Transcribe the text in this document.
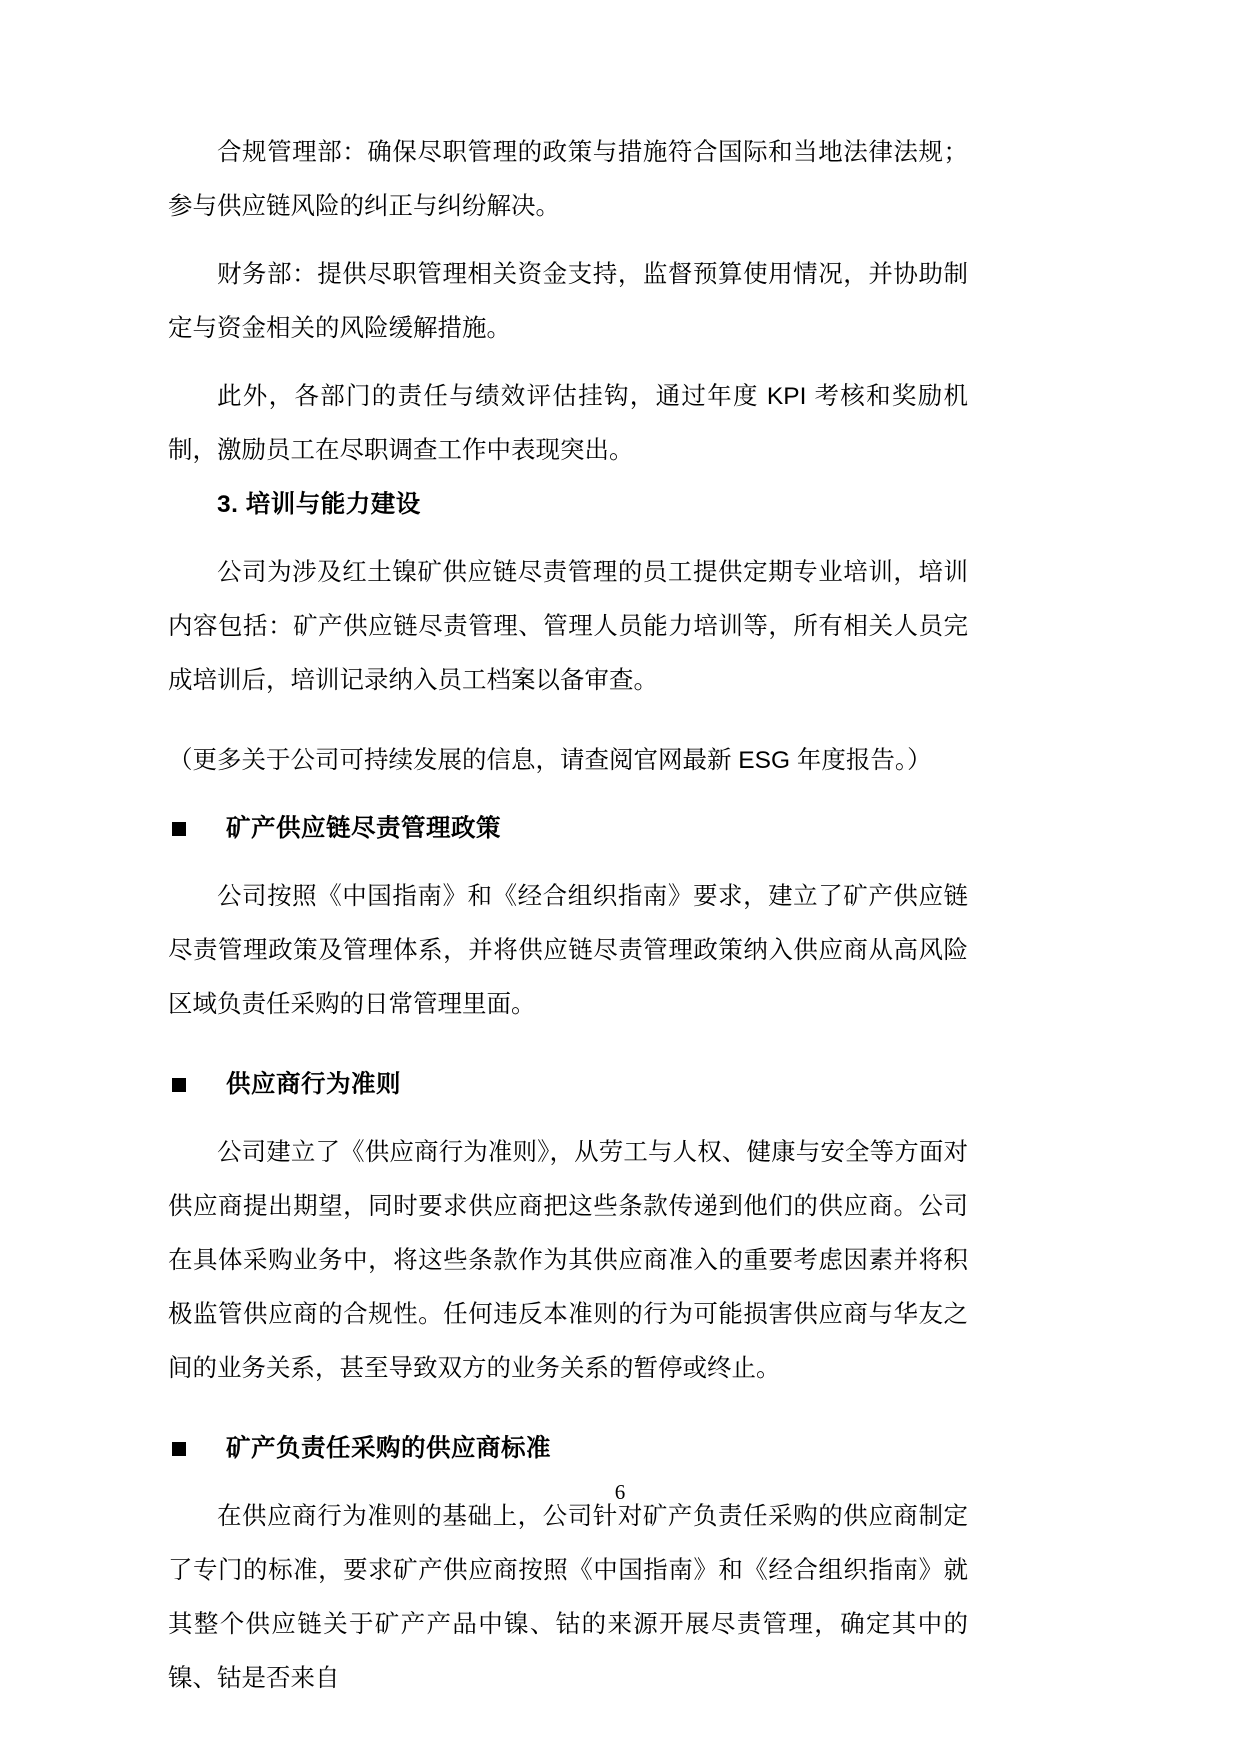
合规管理部：确保尽职管理的政策与措施符合国际和当地法律法规；参与供应链风险的纠正与纠纷解决。

财务部：提供尽职管理相关资金支持，监督预算使用情况，并协助制定与资金相关的风险缓解措施。

此外，各部门的责任与绩效评估挂钩，通过年度 KPI 考核和奖励机制，激励员工在尽职调查工作中表现突出。

3. 培训与能力建设

公司为涉及红土镍矿供应链尽责管理的员工提供定期专业培训，培训内容包括：矿产供应链尽责管理、管理人员能力培训等，所有相关人员完成培训后，培训记录纳入员工档案以备审查。

（更多关于公司可持续发展的信息，请查阅官网最新 ESG 年度报告。）

矿产供应链尽责管理政策

公司按照《中国指南》和《经合组织指南》要求，建立了矿产供应链尽责管理政策及管理体系，并将供应链尽责管理政策纳入供应商从高风险区域负责任采购的日常管理里面。

供应商行为准则

公司建立了《供应商行为准则》，从劳工与人权、健康与安全等方面对供应商提出期望，同时要求供应商把这些条款传递到他们的供应商。公司在具体采购业务中，将这些条款作为其供应商准入的重要考虑因素并将积极监管供应商的合规性。任何违反本准则的行为可能损害供应商与华友之间的业务关系，甚至导致双方的业务关系的暂停或终止。

矿产负责任采购的供应商标准

在供应商行为准则的基础上，公司针对矿产负责任采购的供应商制定了专门的标准，要求矿产供应商按照《中国指南》和《经合组织指南》就其整个供应链关于矿产产品中镍、钴的来源开展尽责管理，确定其中的镍、钴是否来自

6
